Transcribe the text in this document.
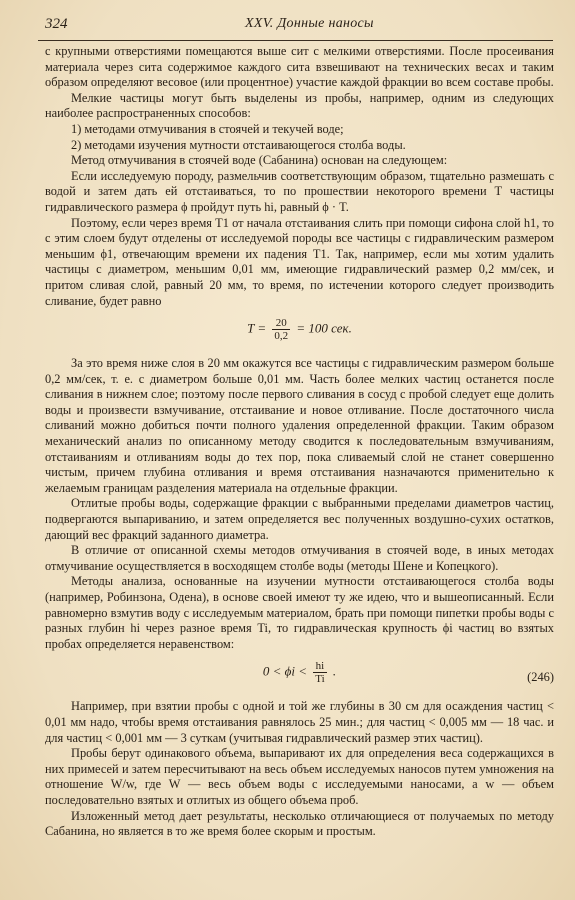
324	XXV. Донные наносы

с крупными отверстиями помещаются выше сит с мелкими отверстиями. После просеивания материала через сита содержимое каждого сита взвешивают на технических весах и таким образом определяют весовое (или процентное) участие каждой фракции во всем составе пробы.

Мелкие частицы могут быть выделены из пробы, например, одним из следующих наиболее распространенных способов:

1) методами отмучивания в стоячей и текучей воде;

2) методами изучения мутности отстаивающегося столба воды.

Метод отмучивания в стоячей воде (Сабанина) основан на следующем:

Если исследуемую породу, размельчив соответствующим образом, тщательно размешать с водой и затем дать ей отстаиваться, то по прошествии некоторого времени T частицы гидравлического размера ϕ пройдут путь hi, равный ϕ · T.

Поэтому, если через время T1 от начала отстаивания слить при помощи сифона слой h1, то с этим слоем будут отделены от исследуемой породы все частицы с гидравлическим размером меньшим ϕ1, отвечающим времени их падения T1. Так, например, если мы хотим удалить частицы с диаметром, меньшим 0,01 мм, имеющие гидравлический размер 0,2 мм/сек, и притом сливая слой, равный 20 мм, то время, по истечении которого следует производить сливание, будет равно

$T = \frac{20}{0,2} = 100$ сек.

За это время ниже слоя в 20 мм окажутся все частицы с гидравлическим размером больше 0,2 мм/сек, т. е. с диаметром больше 0,01 мм. Часть более мелких частиц останется после сливания в нижнем слое; поэтому после первого сливания в сосуд с пробой следует еще долить воды и произвести взмучивание, отстаивание и новое отливание. После достаточного числа сливаний можно добиться почти полного удаления определенной фракции. Таким образом механический анализ по описанному методу сводится к последовательным взмучиваниям, отстаиваниям и отливаниям воды до тех пор, пока сливаемый слой не станет совершенно чистым, причем глубина отливания и время отстаивания назначаются применительно к желаемым границам разделения материала на отдельные фракции.

Отлитые пробы воды, содержащие фракции с выбранными пределами диаметров частиц, подвергаются выпариванию, и затем определяется вес полученных воздушно-сухих остатков, дающий вес фракций заданного диаметра.

В отличие от описанной схемы методов отмучивания в стоячей воде, в иных методах отмучивание осуществляется в восходящем столбе воды (методы Шене и Копецкого).

Методы анализа, основанные на изучении мутности отстаивающегося столба воды (например, Робинзона, Одена), в основе своей имеют ту же идею, что и вышеописанный. Если равномерно взмутив воду с исследуемым материалом, брать при помощи пипетки пробы воды с разных глубин hi через разное время Ti, то гидравлическая крупность ϕi частиц во взятых пробах определяется неравенством:

$0 < \phi i < \frac{hi}{Ti}$ .	(246)

Например, при взятии пробы с одной и той же глубины в 30 см для осаждения частиц < 0,01 мм надо, чтобы время отстаивания равнялось 25 мин.; для частиц < 0,005 мм — 18 час. и для частиц < 0,001 мм — 3 суткам (учитывая гидравлический размер этих частиц).

Пробы берут одинакового объема, выпаривают их для определения веса содержащихся в них примесей и затем пересчитывают на весь объем исследуемых наносов путем умножения на отношение W/w, где W — весь объем воды с исследуемыми наносами, а w — объем последовательно взятых и отлитых из общего объема проб.

Изложенный метод дает результаты, несколько отличающиеся от получаемых по методу Сабанина, но является в то же время более скорым и простым.
